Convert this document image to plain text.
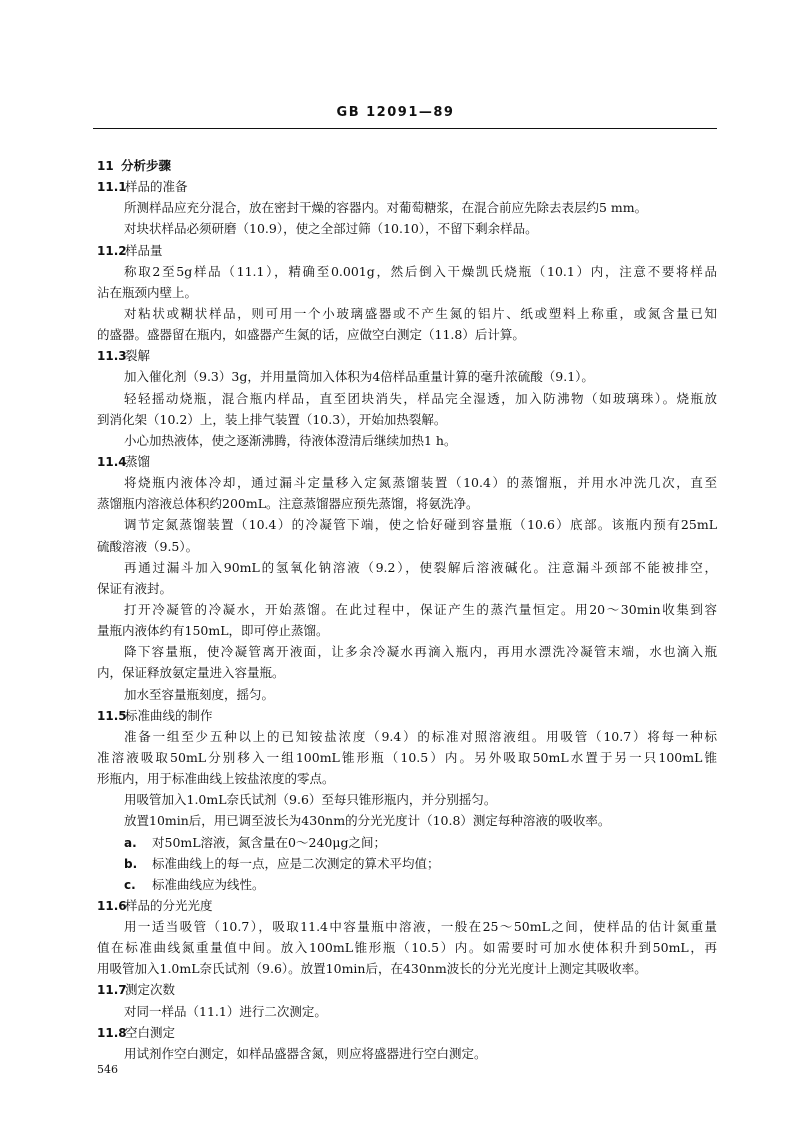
GB 12091—89
11 分析步骤
11.1样品的准备
所测样品应充分混合，放在密封干燥的容器内。对葡萄糖浆，在混合前应先除去表层约5 mm。
对块状样品必须研磨（10.9），使之全部过筛（10.10），不留下剩余样品。
11.2样品量
称取2至5g样品（11.1），精确至0.001g，然后倒入干燥凯氏烧瓶（10.1）内，注意不要将样品
沾在瓶颈内壁上。
对粘状或糊状样品，则可用一个小玻璃盛器或不产生氮的铝片、纸或塑料上称重，或氮含量已知
的盛器。盛器留在瓶内，如盛器产生氮的话，应做空白测定（11.8）后计算。
11.3裂解
加入催化剂（9.3）3g，并用量筒加入体积为4倍样品重量计算的毫升浓硫酸（9.1）。
轻轻摇动烧瓶，混合瓶内样品，直至团块消失，样品完全湿透，加入防沸物（如玻璃珠）。烧瓶放
到消化架（10.2）上，装上排气装置（10.3），开始加热裂解。
小心加热液体，使之逐渐沸腾，待液体澄清后继续加热1 h。
11.4蒸馏
将烧瓶内液体冷却，通过漏斗定量移入定氮蒸馏装置（10.4）的蒸馏瓶，并用水冲洗几次，直至
蒸馏瓶内溶液总体积约200mL。注意蒸馏器应预先蒸馏，将氨洗净。
调节定氮蒸馏装置（10.4）的冷凝管下端，使之恰好碰到容量瓶（10.6）底部。该瓶内预有25mL
硫酸溶液（9.5）。
再通过漏斗加入90mL的氢氧化钠溶液（9.2），使裂解后溶液碱化。注意漏斗颈部不能被排空，
保证有液封。
打开冷凝管的冷凝水，开始蒸馏。在此过程中，保证产生的蒸汽量恒定。用20～30min收集到容
量瓶内液体约有150mL，即可停止蒸馏。
降下容量瓶，使冷凝管离开液面，让多余冷凝水再滴入瓶内，再用水漂洗冷凝管末端，水也滴入瓶
内，保证释放氨定量进入容量瓶。
加水至容量瓶刻度，摇匀。
11.5标准曲线的制作
准备一组至少五种以上的已知铵盐浓度（9.4）的标准对照溶液组。用吸管（10.7）将每一种标
准溶液吸取50mL分别移入一组100mL锥形瓶（10.5）内。另外吸取50mL水置于另一只100mL锥
形瓶内，用于标准曲线上铵盐浓度的零点。
用吸管加入1.0mL奈氏试剂（9.6）至每只锥形瓶内，并分别摇匀。
放置10min后，用已调至波长为430nm的分光光度计（10.8）测定每种溶液的吸收率。
a. 对50mL溶液，氮含量在0～240μg之间；
b. 标准曲线上的每一点，应是二次测定的算术平均值；
c. 标准曲线应为线性。
11.6样品的分光光度
用一适当吸管（10.7），吸取11.4中容量瓶中溶液，一般在25～50mL之间，使样品的估计氮重量
值在标准曲线氮重量值中间。放入100mL锥形瓶（10.5）内。如需要时可加水使体积升到50mL，再
用吸管加入1.0mL奈氏试剂（9.6）。放置10min后，在430nm波长的分光光度计上测定其吸收率。
11.7测定次数
对同一样品（11.1）进行二次测定。
11.8空白测定
用试剂作空白测定，如样品盛器含氮，则应将盛器进行空白测定。
546
